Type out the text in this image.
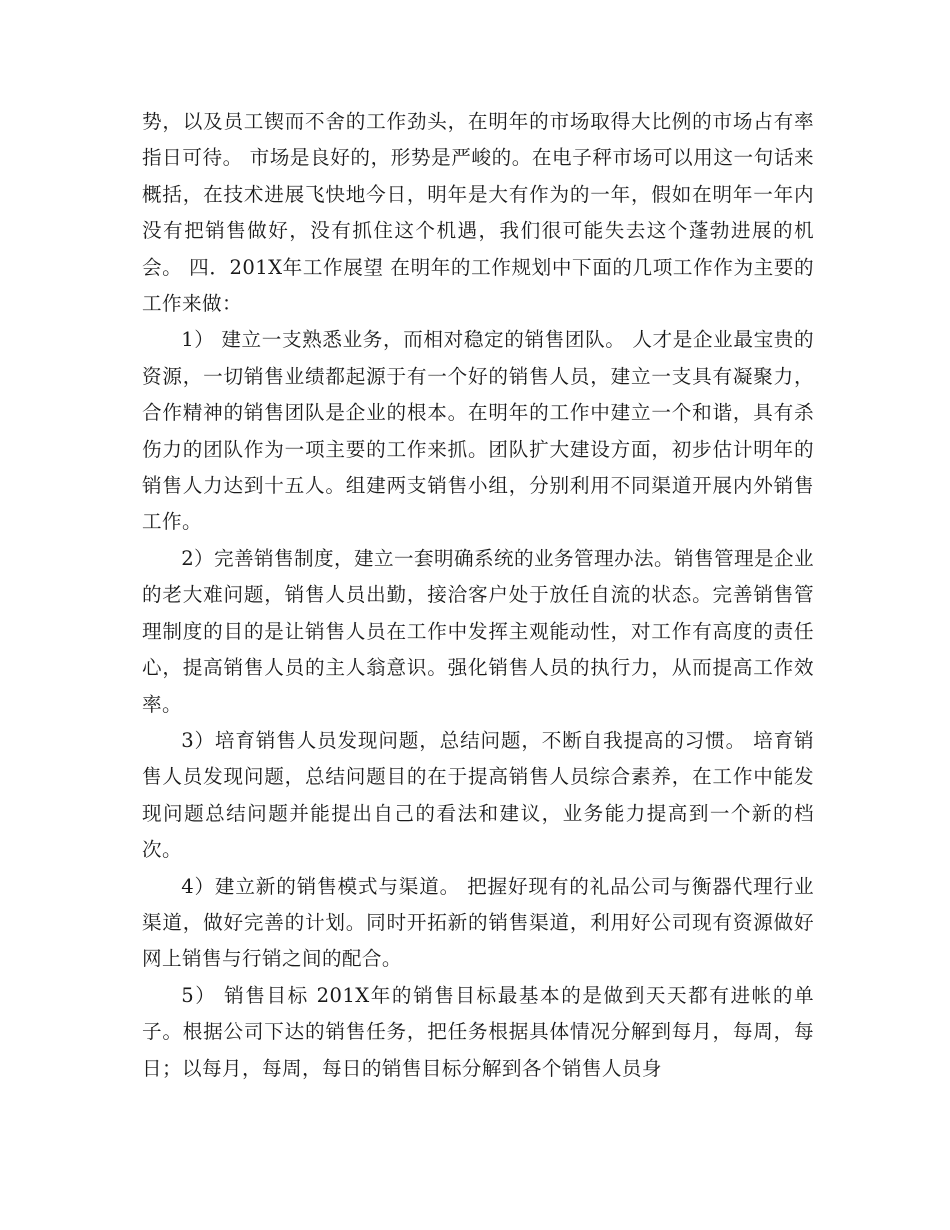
势，以及员工锲而不舍的工作劲头，在明年的市场取得大比例的市场占有率指日可待。 市场是良好的，形势是严峻的。在电子秤市场可以用这一句话来概括，在技术进展飞快地今日，明年是大有作为的一年，假如在明年一年内没有把销售做好，没有抓住这个机遇，我们很可能失去这个蓬勃进展的机会。 四．201X年工作展望 在明年的工作规划中下面的几项工作作为主要的工作来做：

1） 建立一支熟悉业务，而相对稳定的销售团队。 人才是企业最宝贵的资源，一切销售业绩都起源于有一个好的销售人员，建立一支具有凝聚力，合作精神的销售团队是企业的根本。在明年的工作中建立一个和谐，具有杀伤力的团队作为一项主要的工作来抓。团队扩大建设方面，初步估计明年的销售人力达到十五人。组建两支销售小组，分别利用不同渠道开展内外销售工作。

2）完善销售制度，建立一套明确系统的业务管理办法。销售管理是企业的老大难问题，销售人员出勤，接洽客户处于放任自流的状态。完善销售管理制度的目的是让销售人员在工作中发挥主观能动性，对工作有高度的责任心，提高销售人员的主人翁意识。强化销售人员的执行力，从而提高工作效率。

3）培育销售人员发现问题，总结问题，不断自我提高的习惯。 培育销售人员发现问题，总结问题目的在于提高销售人员综合素养，在工作中能发现问题总结问题并能提出自己的看法和建议，业务能力提高到一个新的档次。

4）建立新的销售模式与渠道。 把握好现有的礼品公司与衡器代理行业渠道，做好完善的计划。同时开拓新的销售渠道，利用好公司现有资源做好网上销售与行销之间的配合。

5） 销售目标 201X年的销售目标最基本的是做到天天都有进帐的单子。根据公司下达的销售任务，把任务根据具体情况分解到每月，每周，每日；以每月，每周，每日的销售目标分解到各个销售人员身
